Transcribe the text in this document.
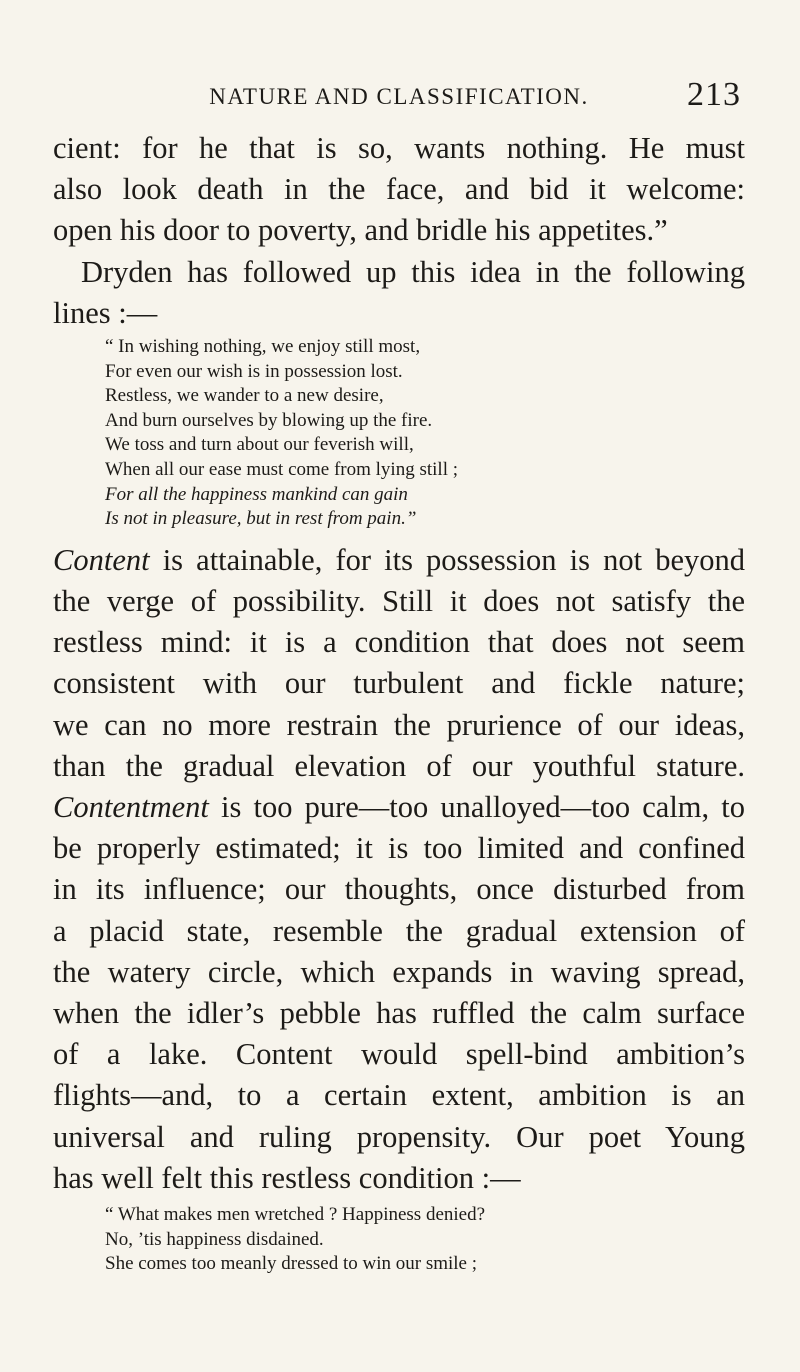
NATURE AND CLASSIFICATION.	213
cient: for he that is so, wants nothing. He must
also look death in the face, and bid it welcome:
open his door to poverty, and bridle his appetites.”
Dryden has followed up this idea in the following
lines :—
“ In wishing nothing, we enjoy still most,
For even our wish is in possession lost.
Restless, we wander to a new desire,
And burn ourselves by blowing up the fire.
We toss and turn about our feverish will,
When all our ease must come from lying still ;
For all the happiness mankind can gain
Is not in pleasure, but in rest from pain.”
Content is attainable, for its possession is not beyond
the verge of possibility. Still it does not satisfy the
restless mind: it is a condition that does not seem
consistent with our turbulent and fickle nature;
we can no more restrain the prurience of our ideas,
than the gradual elevation of our youthful stature.
Contentment is too pure—too unalloyed—too calm, to
be properly estimated; it is too limited and confined
in its influence; our thoughts, once disturbed from
a placid state, resemble the gradual extension of
the watery circle, which expands in waving spread,
when the idler’s pebble has ruffled the calm surface
of a lake. Content would spell-bind ambition’s
flights—and, to a certain extent, ambition is an
universal and ruling propensity. Our poet Young
has well felt this restless condition :—
“ What makes men wretched ? Happiness denied?
No, ’tis happiness disdained.
She comes too meanly dressed to win our smile ;
